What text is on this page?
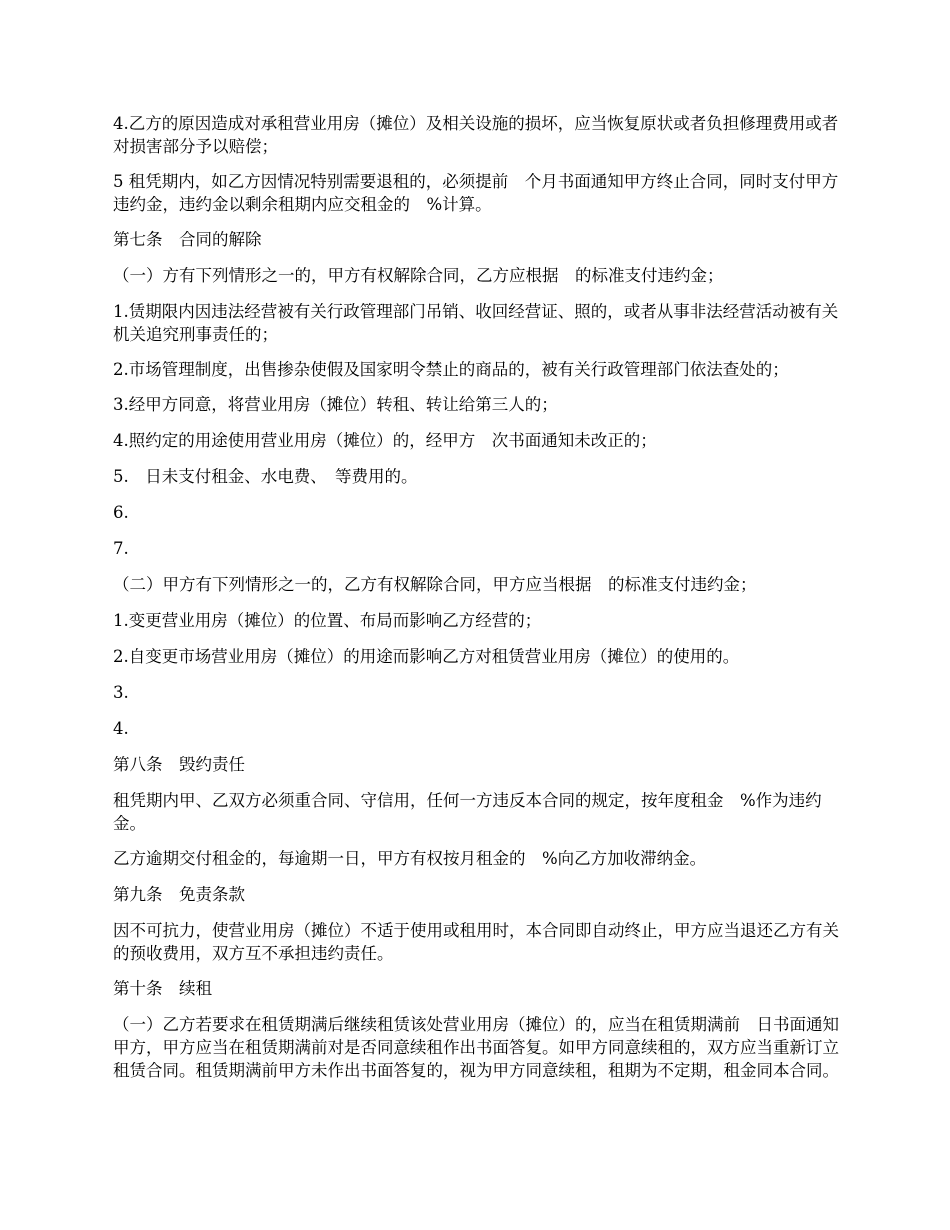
4.乙方的原因造成对承租营业用房（摊位）及相关设施的损坏，应当恢复原状或者负担修理费用或者对损害部分予以赔偿；

5 租凭期内，如乙方因情况特别需要退租的，必须提前　个月书面通知甲方终止合同，同时支付甲方违约金，违约金以剩余租期内应交租金的　%计算。

第七条　合同的解除

（一）方有下列情形之一的，甲方有权解除合同，乙方应根据　的标准支付违约金；

1.赁期限内因违法经营被有关行政管理部门吊销、收回经营证、照的，或者从事非法经营活动被有关机关追究刑事责任的；

2.市场管理制度，出售掺杂使假及国家明令禁止的商品的，被有关行政管理部门依法查处的；

3.经甲方同意，将营业用房（摊位）转租、转让给第三人的；

4.照约定的用途使用营业用房（摊位）的，经甲方　次书面通知未改正的；

5.　日未支付租金、水电费、　等费用的。

6.

7.

（二）甲方有下列情形之一的，乙方有权解除合同，甲方应当根据　的标准支付违约金；

1.变更营业用房（摊位）的位置、布局而影响乙方经营的；

2.自变更市场营业用房（摊位）的用途而影响乙方对租赁营业用房（摊位）的使用的。

3.

4.

第八条　毁约责任

租凭期内甲、乙双方必须重合同、守信用，任何一方违反本合同的规定，按年度租金　%作为违约金。

乙方逾期交付租金的，每逾期一日，甲方有权按月租金的　%向乙方加收滞纳金。

第九条　免责条款

因不可抗力，使营业用房（摊位）不适于使用或租用时，本合同即自动终止，甲方应当退还乙方有关的预收费用，双方互不承担违约责任。

第十条　续租

（一）乙方若要求在租赁期满后继续租赁该处营业用房（摊位）的，应当在租赁期满前　日书面通知甲方，甲方应当在租赁期满前对是否同意续租作出书面答复。如甲方同意续租的，双方应当重新订立租赁合同。租赁期满前甲方未作出书面答复的，视为甲方同意续租，租期为不定期，租金同本合同。
